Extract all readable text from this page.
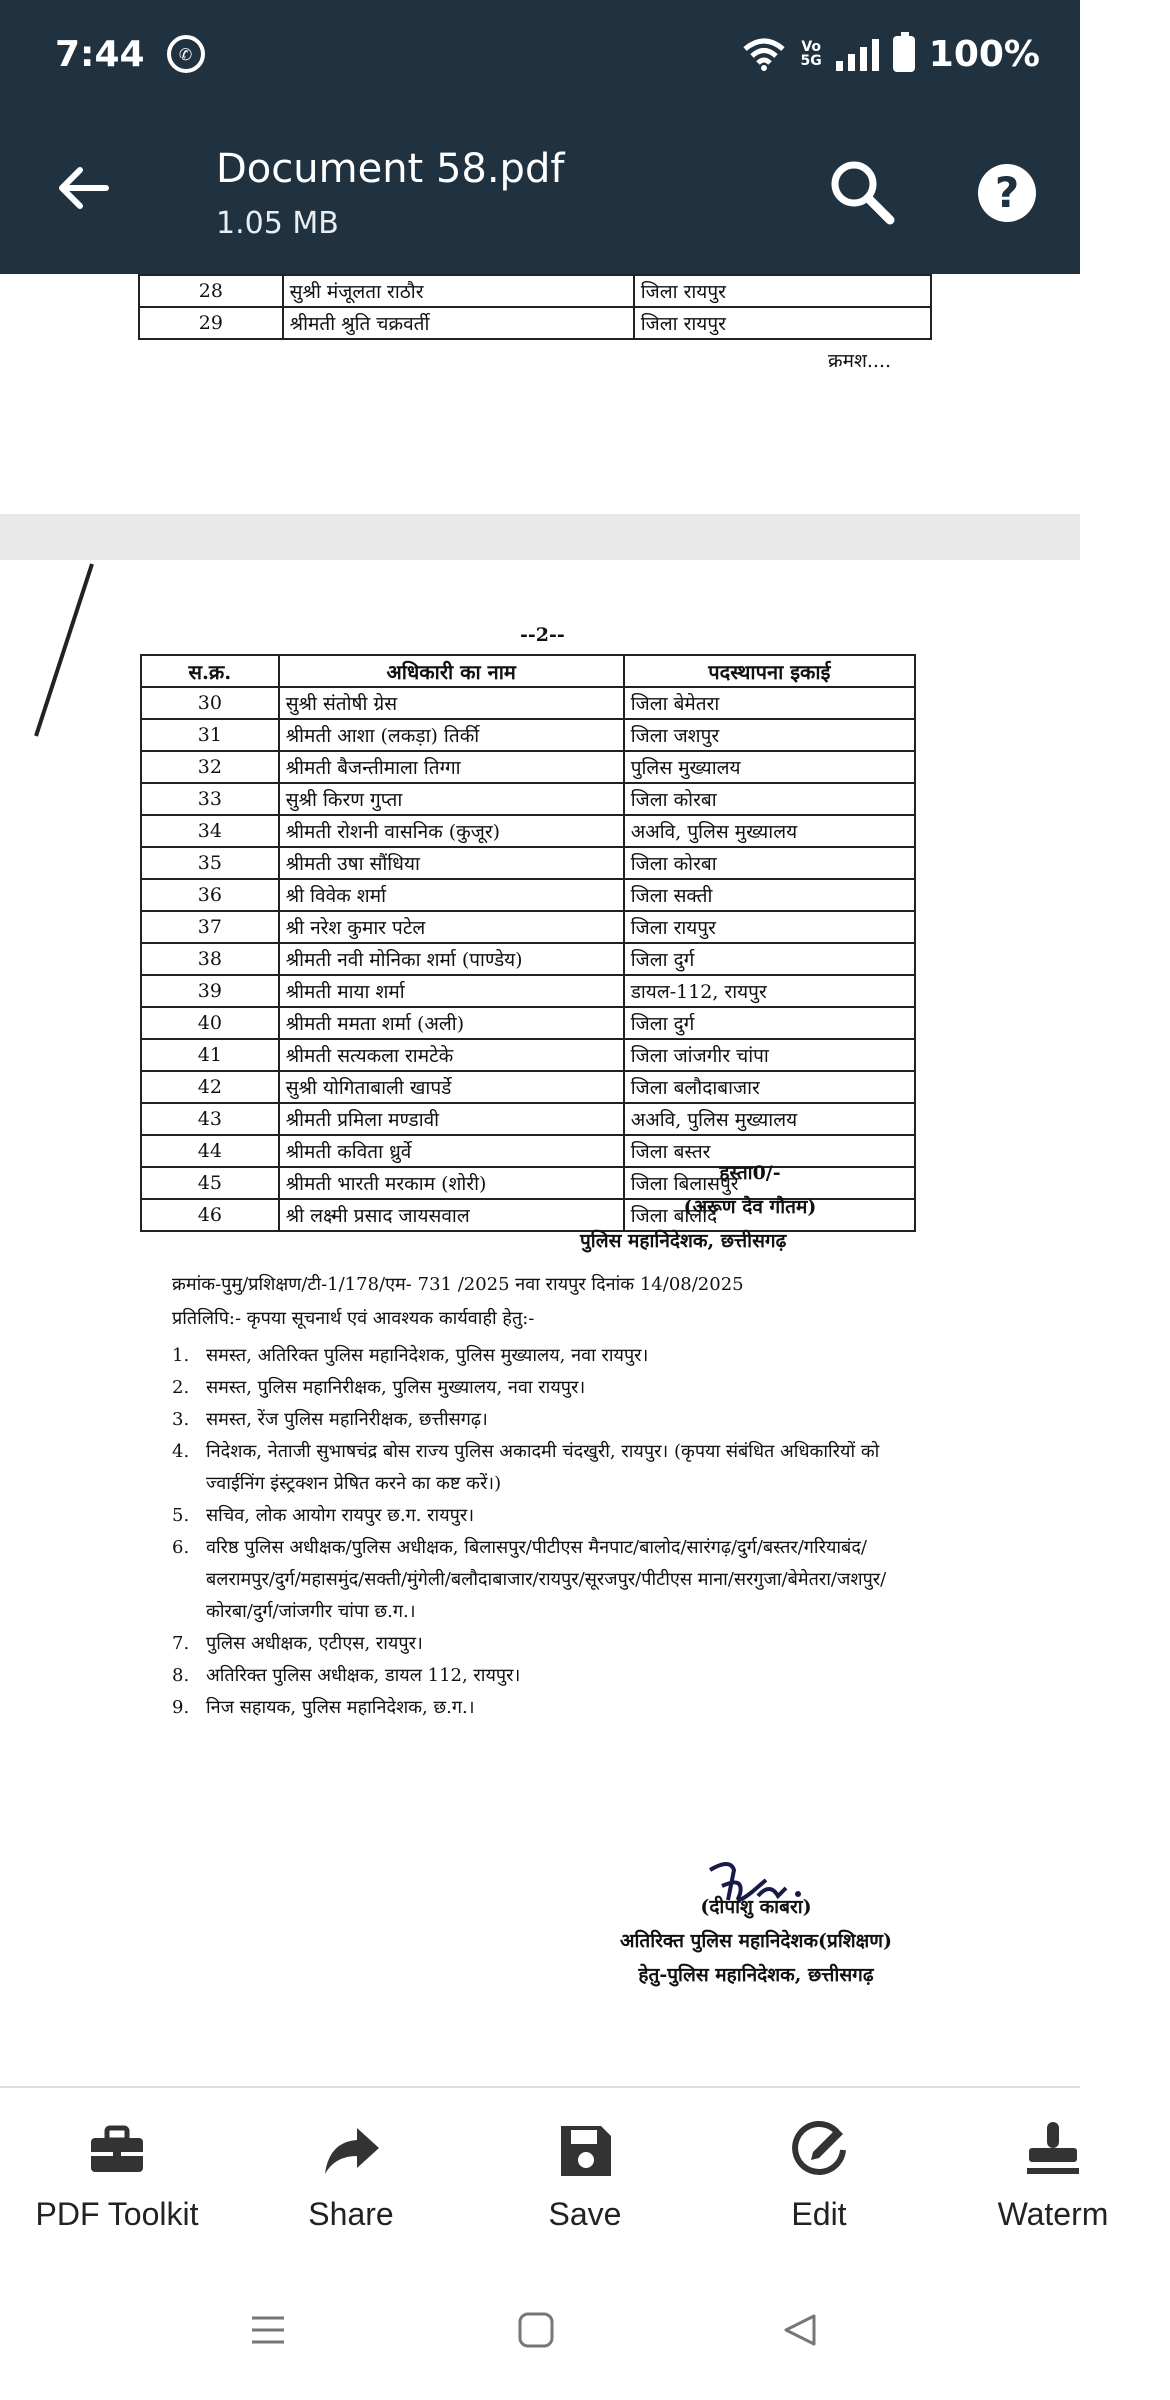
7:44	✆	Vo
5G	100%
Document 58.pdf
1.05 MB
?
28	सुश्री मंजूलता राठौर	जिला रायपुर
29	श्रीमती श्रुति चक्रवर्ती	जिला रायपुर
क्रमश....
--2--
स.क्र.	अधिकारी का नाम	पदस्थापना इकाई
30	सुश्री संतोषी ग्रेस	जिला बेमेतरा
31	श्रीमती आशा (लकड़ा) तिर्की	जिला जशपुर
32	श्रीमती बैजन्तीमाला तिग्गा	पुलिस मुख्यालय
33	सुश्री किरण गुप्ता	जिला कोरबा
34	श्रीमती रोशनी वासनिक (कुजूर)	अअवि, पुलिस मुख्यालय
35	श्रीमती उषा सौंधिया	जिला कोरबा
36	श्री विवेक शर्मा	जिला सक्ती
37	श्री नरेश कुमार पटेल	जिला रायपुर
38	श्रीमती नवी मोनिका शर्मा (पाण्डेय)	जिला दुर्ग
39	श्रीमती माया शर्मा	डायल-112, रायपुर
40	श्रीमती ममता शर्मा (अली)	जिला दुर्ग
41	श्रीमती सत्यकला रामटेके	जिला जांजगीर चांपा
42	सुश्री योगिताबाली खापर्डे	जिला बलौदाबाजार
43	श्रीमती प्रमिला मण्डावी	अअवि, पुलिस मुख्यालय
44	श्रीमती कविता ध्रुर्वे	जिला बस्तर
45	श्रीमती भारती मरकाम (शोरी)	जिला बिलासपुर
46	श्री लक्ष्मी प्रसाद जायसवाल	जिला बालोद
हस्ता0/-
(अरूण देव गौतम)
पुलिस महानिदेशक, छत्तीसगढ़
क्रमांक-पुमु/प्रशिक्षण/टी-1/178/एम- 731 /2025 नवा रायपुर दिनांक 14/08/2025
प्रतिलिपि:- कृपया सूचनार्थ एवं आवश्यक कार्यवाही हेतु:-
1. समस्त, अतिरिक्त पुलिस महानिदेशक, पुलिस मुख्यालय, नवा रायपुर।
2. समस्त, पुलिस महानिरीक्षक, पुलिस मुख्यालय, नवा रायपुर।
3. समस्त, रेंज पुलिस महानिरीक्षक, छत्तीसगढ़।
4. निदेशक, नेताजी सुभाषचंद्र बोस राज्य पुलिस अकादमी चंदखुरी, रायपुर। (कृपया संबंधित अधिकारियों को ज्वाईनिंग इंस्ट्रक्शन प्रेषित करने का कष्ट करें।)
5. सचिव, लोक आयोग रायपुर छ.ग. रायपुर।
6. वरिष्ठ पुलिस अधीक्षक/पुलिस अधीक्षक, बिलासपुर/पीटीएस मैनपाट/बालोद/सारंगढ़/दुर्ग/बस्तर/गरियाबंद/बलरामपुर/दुर्ग/महासमुंद/सक्ती/मुंगेली/बलौदाबाजार/रायपुर/सूरजपुर/पीटीएस माना/सरगुजा/बेमेतरा/जशपुर/कोरबा/दुर्ग/जांजगीर चांपा छ.ग.।
7. पुलिस अधीक्षक, एटीएस, रायपुर।
8. अतिरिक्त पुलिस अधीक्षक, डायल 112, रायपुर।
9. निज सहायक, पुलिस महानिदेशक, छ.ग.।
(दीपांशु काबरा)
अतिरिक्त पुलिस महानिदेशक(प्रशिक्षण)
हेतु-पुलिस महानिदेशक, छत्तीसगढ़
PDF Toolkit	Share	Save	Edit	Waterm
